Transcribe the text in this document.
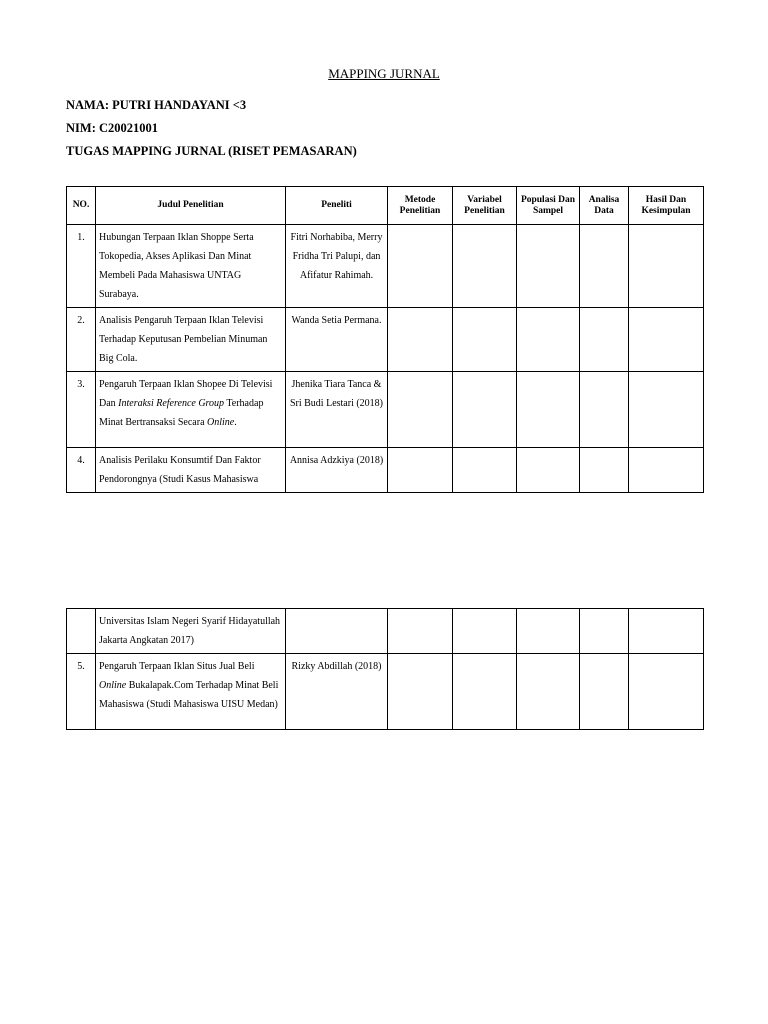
MAPPING JURNAL
NAMA: PUTRI HANDAYANI <3
NIM: C20021001
TUGAS MAPPING JURNAL (RISET PEMASARAN)
NO.	Judul Penelitian	Peneliti	Metode Penelitian	Variabel Penelitian	Populasi Dan Sampel	Analisa Data	Hasil Dan Kesimpulan
1.	Hubungan Terpaan Iklan Shoppe Serta Tokopedia, Akses Aplikasi Dan Minat Membeli Pada Mahasiswa UNTAG Surabaya.	Fitri Norhabiba, Merry Fridha Tri Palupi, dan Afifatur Rahimah.					
2.	Analisis Pengaruh Terpaan Iklan Televisi Terhadap Keputusan Pembelian Minuman Big Cola.	Wanda Setia Permana.					
3.	Pengaruh Terpaan Iklan Shopee Di Televisi Dan Interaksi Reference Group Terhadap Minat Bertransaksi Secara Online.	Jhenika Tiara Tanca & Sri Budi Lestari (2018)					
4.	Analisis Perilaku Konsumtif Dan Faktor Pendorongnya (Studi Kasus Mahasiswa	Annisa Adzkiya (2018)					
	Universitas Islam Negeri Syarif Hidayatullah Jakarta Angkatan 2017)						
5.	Pengaruh Terpaan Iklan Situs Jual Beli Online Bukalapak.Com Terhadap Minat Beli Mahasiswa (Studi Mahasiswa UISU Medan)	Rizky Abdillah (2018)					
